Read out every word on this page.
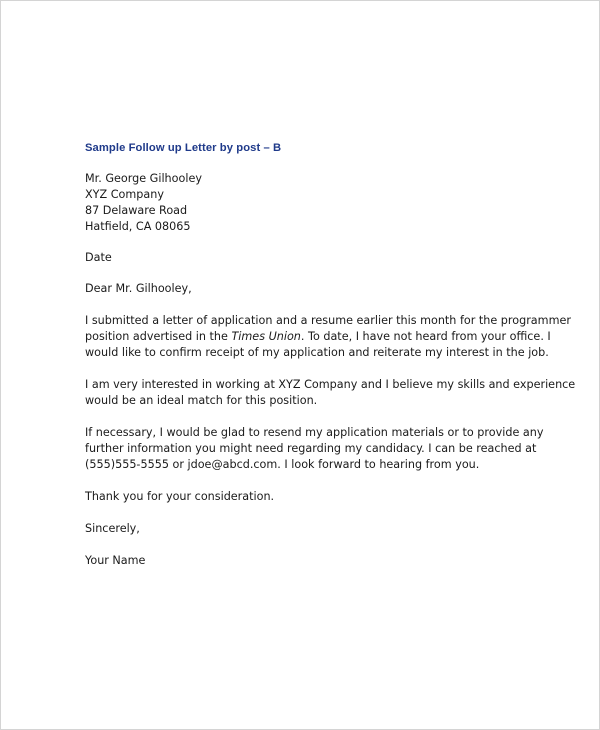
Sample Follow up Letter by post – B
Mr. George Gilhooley
XYZ Company
87 Delaware Road
Hatfield, CA 08065
Date
Dear Mr. Gilhooley,
I submitted a letter of application and a resume earlier this month for the programmer
position advertised in the Times Union. To date, I have not heard from your office. I
would like to confirm receipt of my application and reiterate my interest in the job.
I am very interested in working at XYZ Company and I believe my skills and experience
would be an ideal match for this position.
If necessary, I would be glad to resend my application materials or to provide any
further information you might need regarding my candidacy. I can be reached at
(555)555-5555 or jdoe@abcd.com. I look forward to hearing from you.
Thank you for your consideration.
Sincerely,
Your Name
